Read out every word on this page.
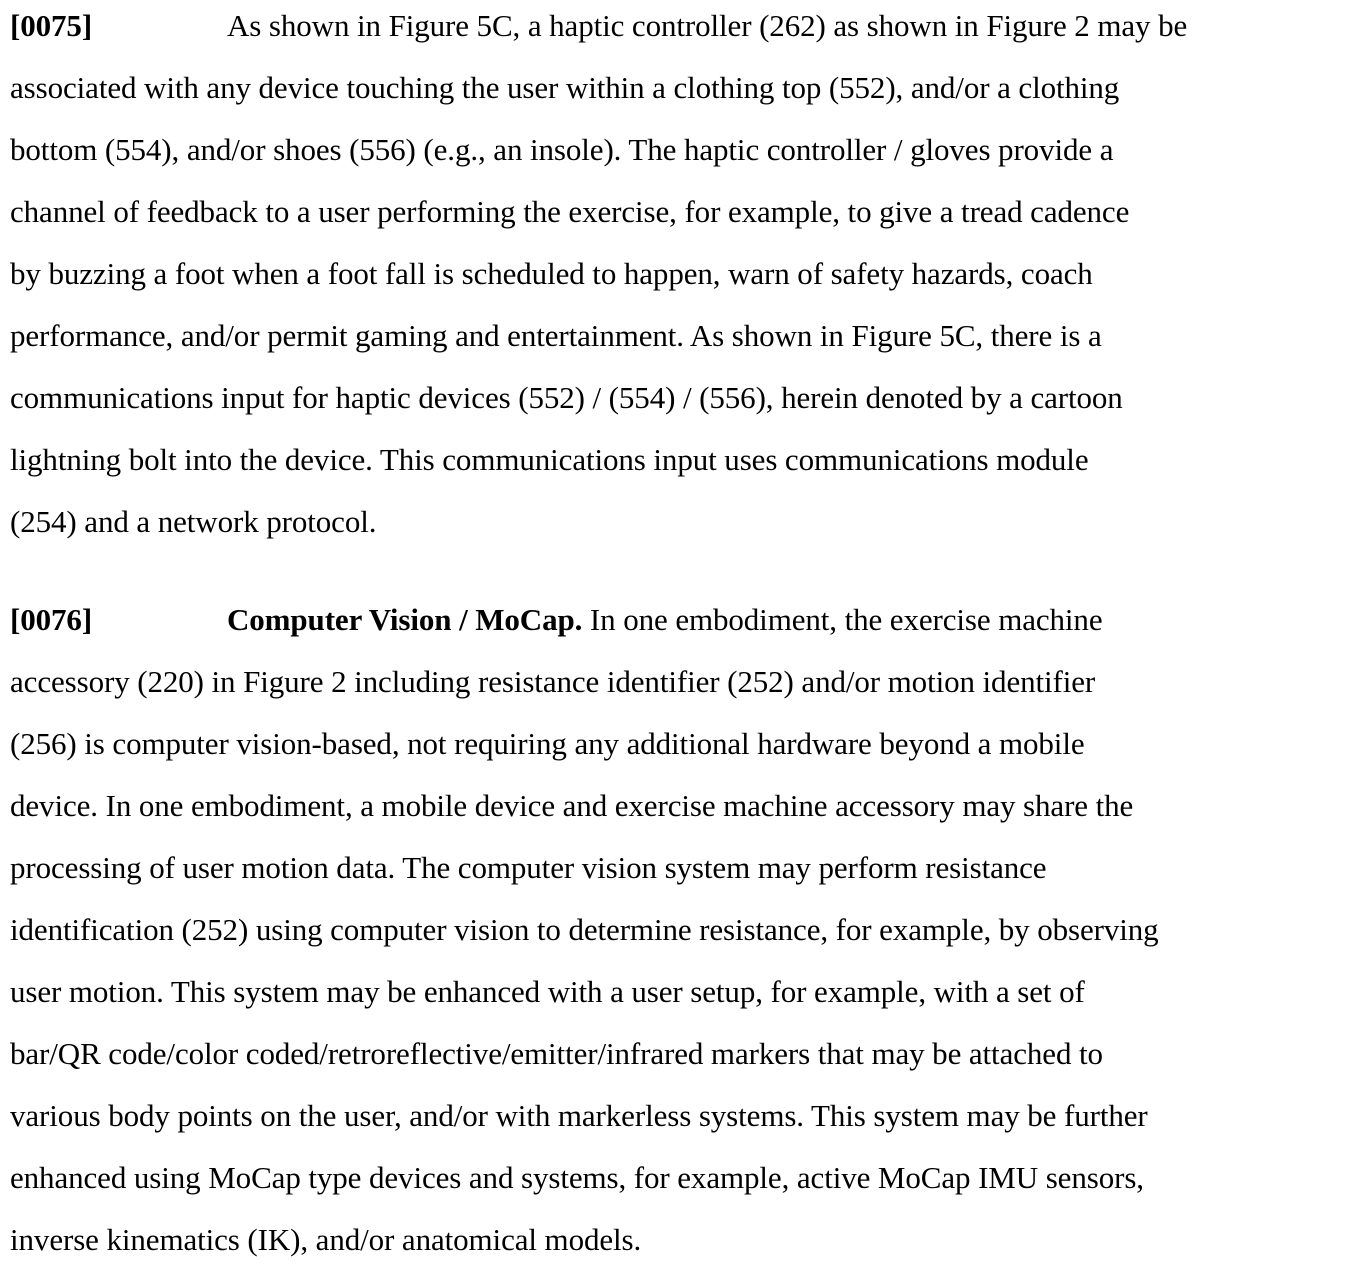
[0075]	As shown in Figure 5C, a haptic controller (262) as shown in Figure 2 may be
associated with any device touching the user within a clothing top (552), and/or a clothing
bottom (554), and/or shoes (556) (e.g., an insole). The haptic controller / gloves provide a
channel of feedback to a user performing the exercise, for example, to give a tread cadence
by buzzing a foot when a foot fall is scheduled to happen, warn of safety hazards, coach
performance, and/or permit gaming and entertainment. As shown in Figure 5C, there is a
communications input for haptic devices (552) / (554) / (556), herein denoted by a cartoon
lightning bolt into the device. This communications input uses communications module
(254) and a network protocol.
[0076]	Computer Vision / MoCap. In one embodiment, the exercise machine
accessory (220) in Figure 2 including resistance identifier (252) and/or motion identifier
(256) is computer vision-based, not requiring any additional hardware beyond a mobile
device. In one embodiment, a mobile device and exercise machine accessory may share the
processing of user motion data. The computer vision system may perform resistance
identification (252) using computer vision to determine resistance, for example, by observing
user motion. This system may be enhanced with a user setup, for example, with a set of
bar/QR code/color coded/retroreflective/emitter/infrared markers that may be attached to
various body points on the user, and/or with markerless systems. This system may be further
enhanced using MoCap type devices and systems, for example, active MoCap IMU sensors,
inverse kinematics (IK), and/or anatomical models.
